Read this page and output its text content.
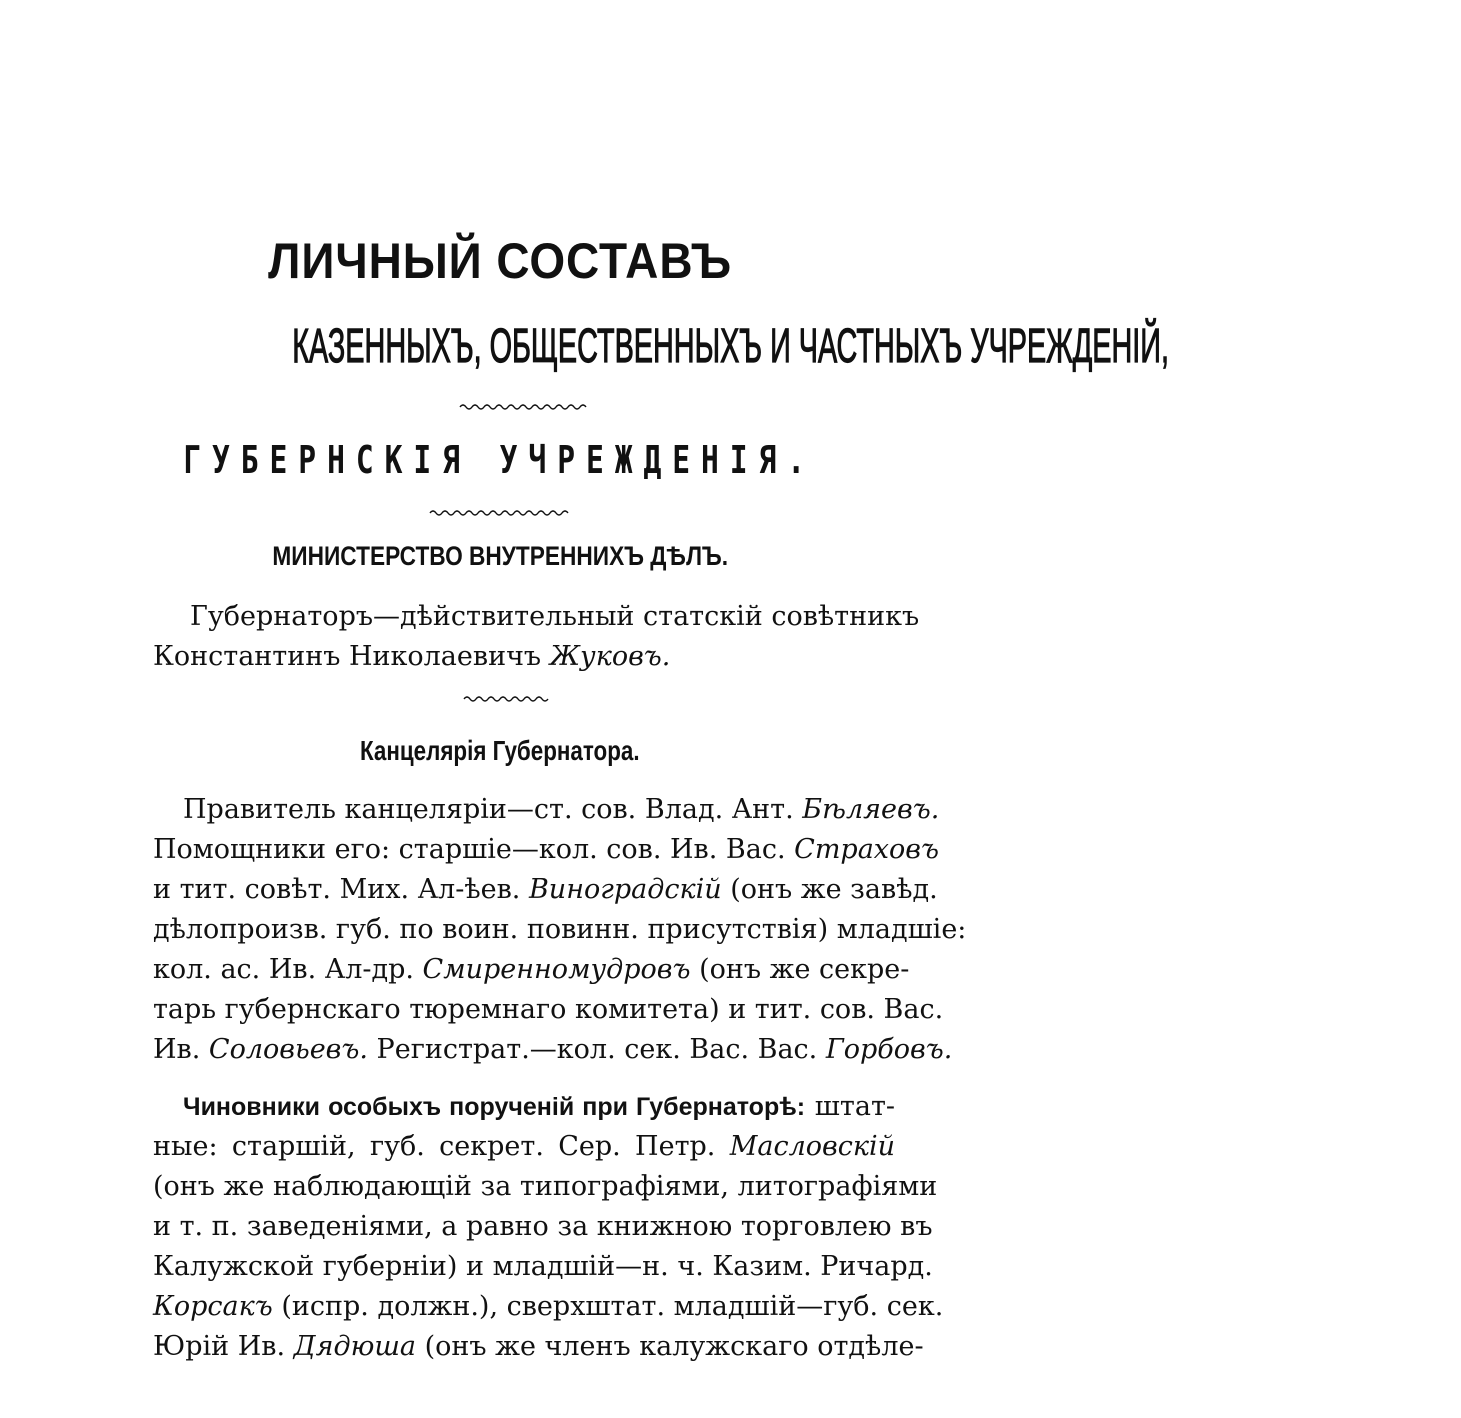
ЛИЧНЫЙ СОСТАВЪ
КАЗЕННЫХЪ, ОБЩЕСТВЕННЫХЪ И ЧАСТНЫХЪ УЧРЕЖДЕНІЙ,
ГУБЕРНСКІЯ УЧРЕЖДЕНІЯ.
МИНИСТЕРСТВО ВНУТРЕННИХЪ ДѢЛЪ.
Губернаторъ—дѣйствительный статскій совѣтникъ
Константинъ Николаевичъ Жуковъ.
Канцелярія Губернатора.
Правитель канцеляріи—ст. сов. Влад. Ант. Бѣляевъ.
Помощники его: старшіе—кол. сов. Ив. Вас. Страховъ
и тит. совѣт. Мих. Ал-ѣев. Виноградскій (онъ же завѣд.
дѣлопроизв. губ. по воин. повинн. присутствія) младшіе:
кол. ас. Ив. Ал-др. Смиренномудровъ (онъ же секре-
тарь губернскаго тюремнаго комитета) и тит. сов. Вас.
Ив. Соловьевъ. Регистрат.—кол. сек. Вас. Вас. Горбовъ.
Чиновники особыхъ порученій при Губернаторѣ: штат-
ные: старшій, губ. секрет. Сер. Петр. Масловскій
(онъ же наблюдающій за типографіями, литографіями
и т. п. заведеніями, а равно за книжною торговлею въ
Калужской губерніи) и младшій—н. ч. Казим. Ричард.
Корсакъ (испр. должн.), сверхштат. младшій—губ. сек.
Юрій Ив. Дядюша (онъ же членъ калужскаго отдѣле-
